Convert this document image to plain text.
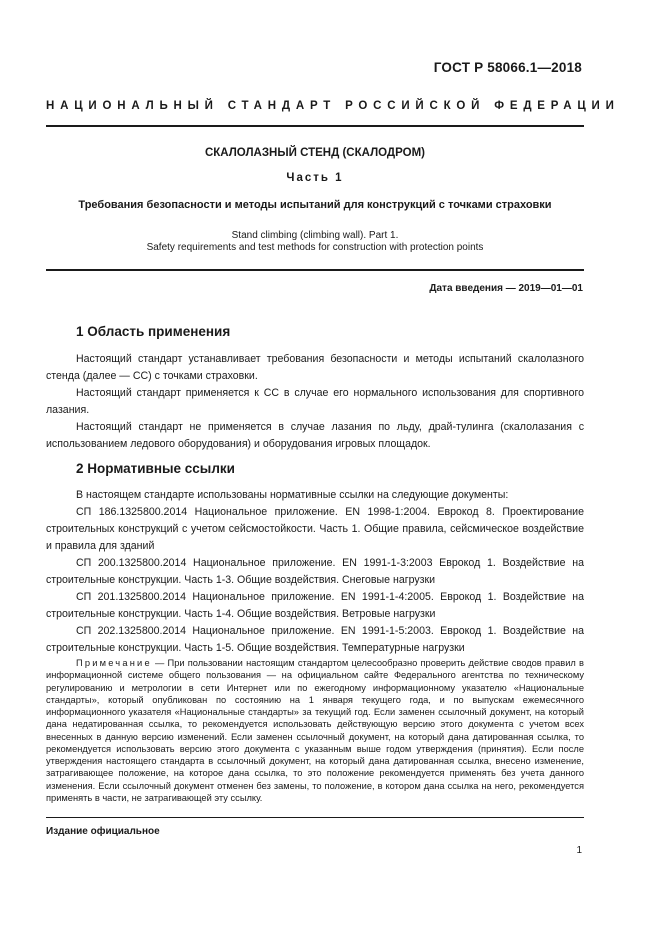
ГОСТ Р 58066.1—2018
НАЦИОНАЛЬНЫЙ СТАНДАРТ РОССИЙСКОЙ ФЕДЕРАЦИИ
СКАЛОЛАЗНЫЙ СТЕНД (СКАЛОДРОМ)
Часть 1
Требования безопасности и методы испытаний для конструкций с точками страховки
Stand climbing (climbing wall). Part 1.
Safety requirements and test methods for construction with protection points
Дата введения — 2019—01—01
1 Область применения

Настоящий стандарт устанавливает требования безопасности и методы испытаний скалолазного стенда (далее — СС) с точками страховки.

Настоящий стандарт применяется к СС в случае его нормального использования для спортивного лазания.

Настоящий стандарт не применяется в случае лазания по льду, драй-тулинга (скалолазания с использованием ледового оборудования) и оборудования игровых площадок.

2 Нормативные ссылки

В настоящем стандарте использованы нормативные ссылки на следующие документы:

СП 186.1325800.2014 Национальное приложение. EN 1998-1:2004. Еврокод 8. Проектирование строительных конструкций с учетом сейсмостойкости. Часть 1. Общие правила, сейсмическое воздействие и правила для зданий

СП 200.1325800.2014 Национальное приложение. EN 1991-1-3:2003 Еврокод 1. Воздействие на строительные конструкции. Часть 1-3. Общие воздействия. Снеговые нагрузки

СП 201.1325800.2014 Национальное приложение. EN 1991-1-4:2005. Еврокод 1. Воздействие на строительные конструкции. Часть 1-4. Общие воздействия. Ветровые нагрузки

СП 202.1325800.2014 Национальное приложение. EN 1991-1-5:2003. Еврокод 1. Воздействие на строительные конструкции. Часть 1-5. Общие воздействия. Температурные нагрузки

Примечание — При пользовании настоящим стандартом целесообразно проверить действие сводов правил в информационной системе общего пользования — на официальном сайте Федерального агентства по техническому регулированию и метрологии в сети Интернет или по ежегодному информационному указателю «Национальные стандарты», который опубликован по состоянию на 1 января текущего года, и по выпускам ежемесячного информационного указателя «Национальные стандарты» за текущий год. Если заменен ссылочный документ, на который дана недатированная ссылка, то рекомендуется использовать действующую версию этого документа с учетом всех внесенных в данную версию изменений. Если заменен ссылочный документ, на который дана датированная ссылка, то рекомендуется использовать версию этого документа с указанным выше годом утверждения (принятия). Если после утверждения настоящего стандарта в ссылочный документ, на который дана датированная ссылка, внесено изменение, затрагивающее положение, на которое дана ссылка, то это положение рекомендуется применять без учета данного изменения. Если ссылочный документ отменен без замены, то положение, в котором дана ссылка на него, рекомендуется применять в части, не затрагивающей эту ссылку.
Издание официальное
1
